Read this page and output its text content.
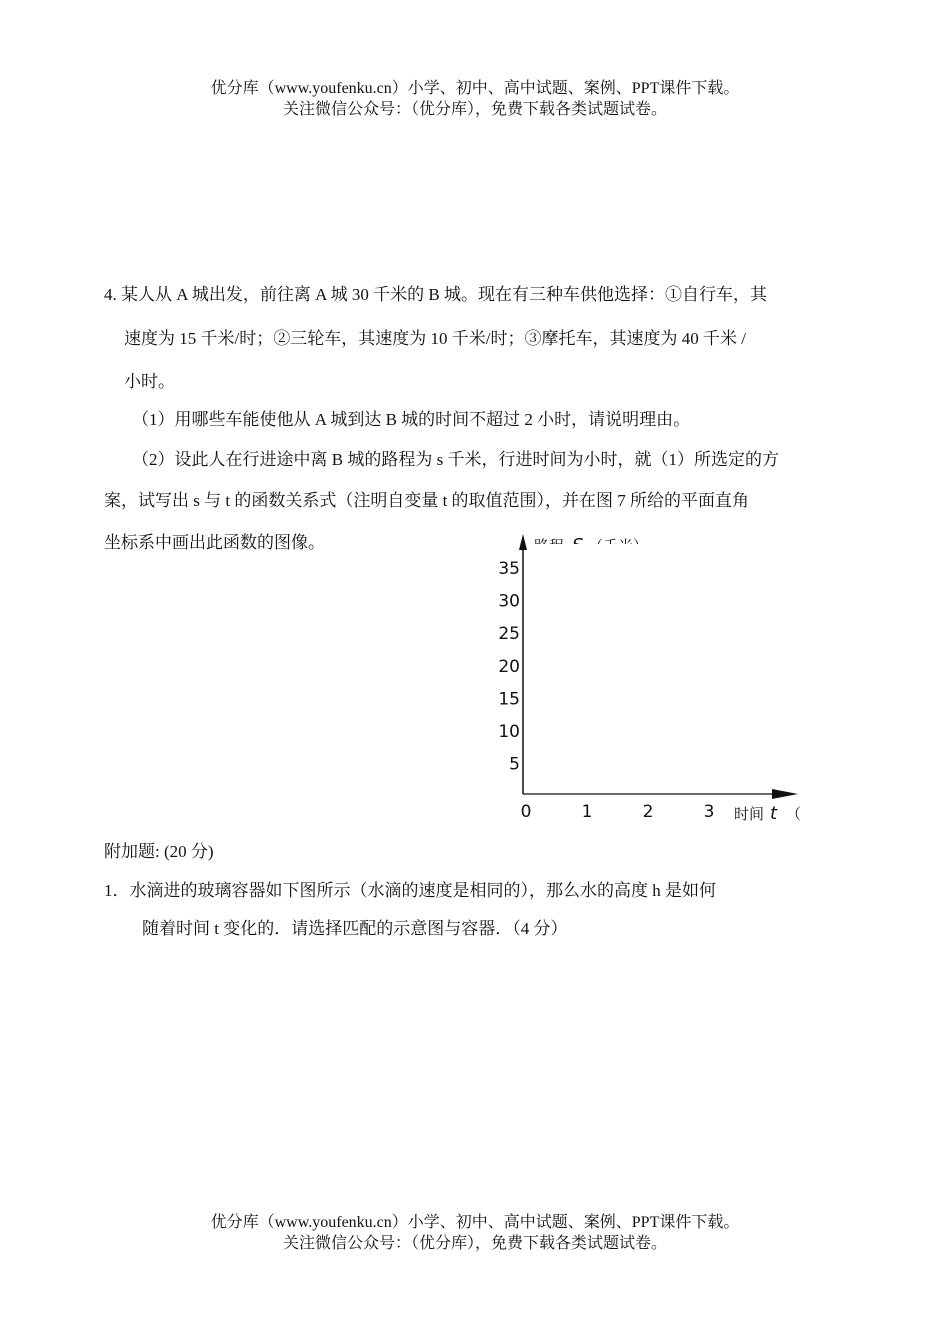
优分库（www.youfenku.cn）小学、初中、高中试题、案例、PPT课件下载。
关注微信公众号：（优分库），免费下载各类试题试卷。
4. 某人从 A 城出发，前往离 A 城 30 千米的 B 城。现在有三种车供他选择：①自行车，其
速度为 15 千米/时；②三轮车，其速度为 10 千米/时；③摩托车，其速度为 40 千米 /
小时。
（1）用哪些车能使他从 A 城到达 B 城的时间不超过 2 小时，请说明理由。
（2）设此人在行进途中离 B 城的路程为 s 千米，行进时间为小时，就（1）所选定的方
案，试写出 s 与 t 的函数关系式（注明自变量 t 的取值范围），并在图 7 所给的平面直角
坐标系中画出此函数的图像。
35
30
25
20
15
10
5
0	1	2	3 时间 t （
附加题: (20 分)
1．水滴进的玻璃容器如下图所示（水滴的速度是相同的），那么水的高度 h 是如何
随着时间 t 变化的．请选择匹配的示意图与容器．（4 分）
优分库（www.youfenku.cn）小学、初中、高中试题、案例、PPT课件下载。
关注微信公众号：（优分库），免费下载各类试题试卷。
